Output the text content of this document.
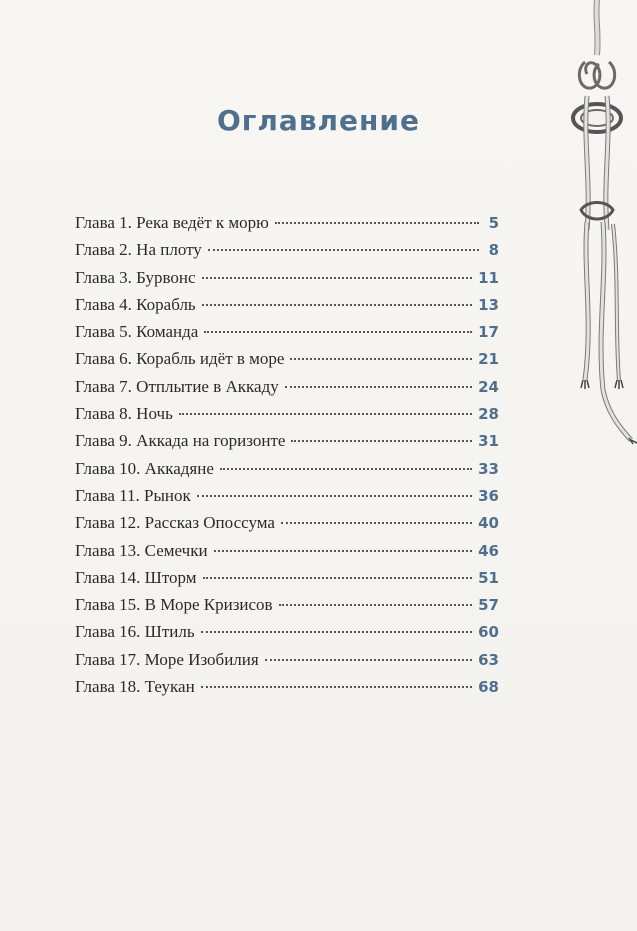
Оглавление
Глава 1. Река ведёт к морю	5
Глава 2. На плоту	8
Глава 3. Бурвонс	11
Глава 4. Корабль	13
Глава 5. Команда	17
Глава 6. Корабль идёт в море	21
Глава 7. Отплытие в Аккаду	24
Глава 8. Ночь	28
Глава 9. Аккада на горизонте	31
Глава 10. Аккадяне	33
Глава 11. Рынок	36
Глава 12. Рассказ Опоссума	40
Глава 13. Семечки	46
Глава 14. Шторм	51
Глава 15. В Море Кризисов	57
Глава 16. Штиль	60
Глава 17. Море Изобилия	63
Глава 18. Теукан	68
